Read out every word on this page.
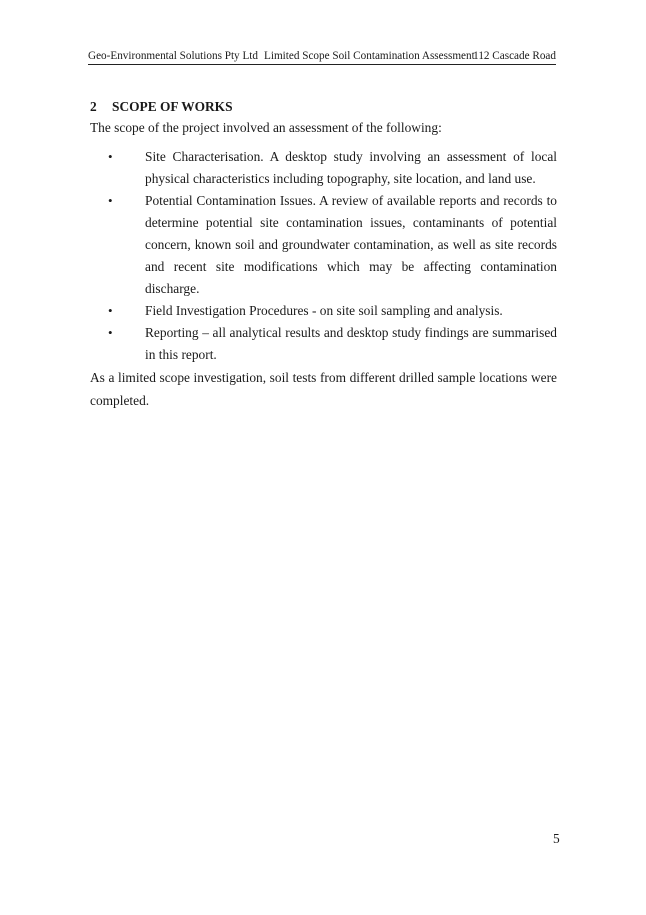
Geo-Environmental Solutions Pty Ltd Limited Scope Soil Contamination Assessment
112 Cascade Road
2 SCOPE OF WORKS
The scope of the project involved an assessment of the following:
• Site Characterisation. A desktop study involving an assessment of local physical characteristics including topography, site location, and land use.
• Potential Contamination Issues. A review of available reports and records to determine potential site contamination issues, contaminants of potential concern, known soil and groundwater contamination, as well as site records and recent site modifications which may be affecting contamination discharge.
• Field Investigation Procedures - on site soil sampling and analysis.
• Reporting – all analytical results and desktop study findings are summarised in this report.
As a limited scope investigation, soil tests from different drilled sample locations were completed.
5
